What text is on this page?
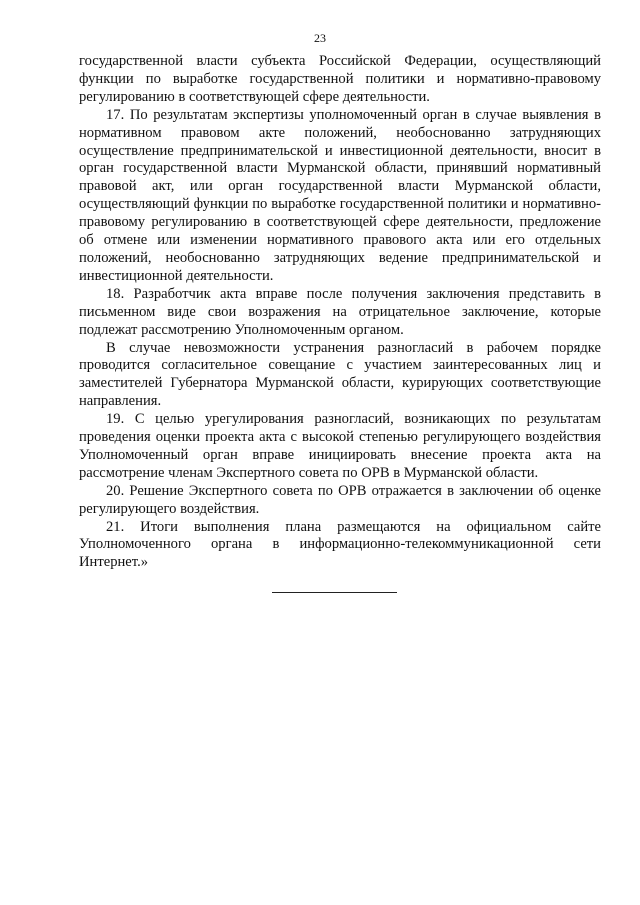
23

государственной власти субъекта Российской Федерации, осуществляющий функции по выработке государственной политики и нормативно-правовому регулированию в соответствующей сфере деятельности.

17. По результатам экспертизы уполномоченный орган в случае выявления в нормативном правовом акте положений, необоснованно затрудняющих осуществление предпринимательской и инвестиционной деятельности, вносит в орган государственной власти Мурманской области, принявший нормативный правовой акт, или орган государственной власти Мурманской области, осуществляющий функции по выработке государственной политики и нормативно-правовому регулированию в соответствующей сфере деятельности, предложение об отмене или изменении нормативного правового акта или его отдельных положений, необоснованно затрудняющих ведение предпринимательской и инвестиционной деятельности.

18. Разработчик акта вправе после получения заключения представить в письменном виде свои возражения на отрицательное заключение, которые подлежат рассмотрению Уполномоченным органом.

В случае невозможности устранения разногласий в рабочем порядке проводится согласительное совещание с участием заинтересованных лиц и заместителей Губернатора Мурманской области, курирующих соответствующие направления.

19. С целью урегулирования разногласий, возникающих по результатам проведения оценки проекта акта с высокой степенью регулирующего воздействия Уполномоченный орган вправе инициировать внесение проекта акта на рассмотрение членам Экспертного совета по ОРВ в Мурманской области.

20. Решение Экспертного совета по ОРВ отражается в заключении об оценке регулирующего воздействия.

21. Итоги выполнения плана размещаются на официальном сайте Уполномоченного органа в информационно-телекоммуникационной сети Интернет.»
